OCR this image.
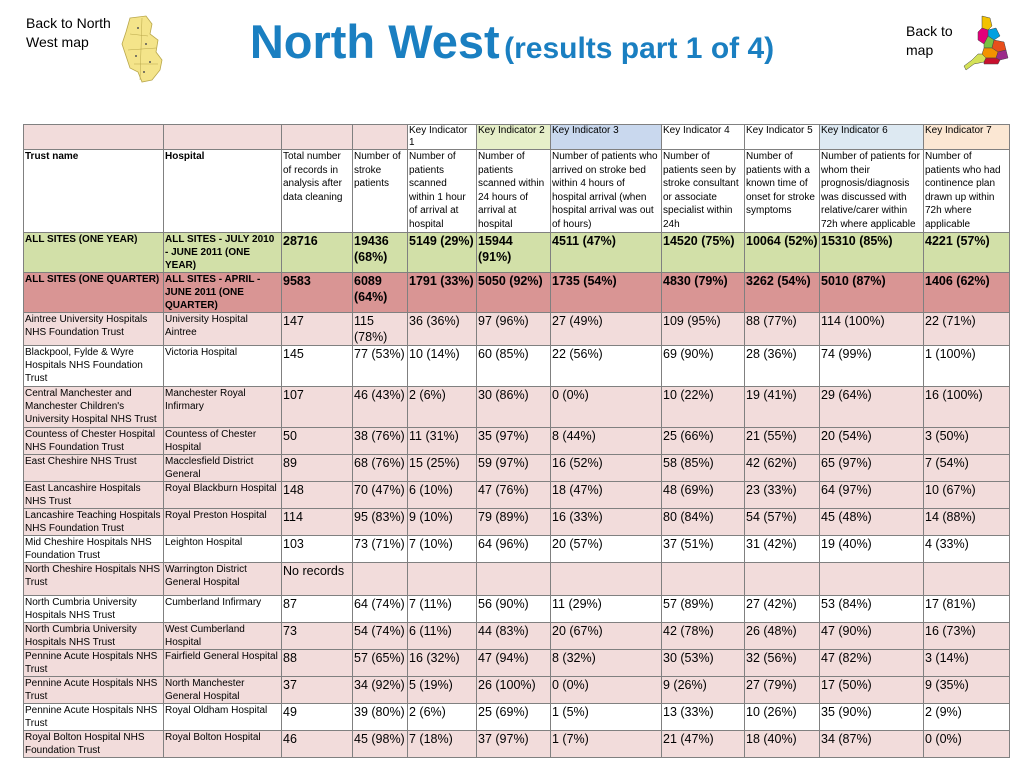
Back to North West map	North West (results part 1 of 4)
Back to map
				Key Indicator 1	Key Indicator 2	Key Indicator 3	Key Indicator 4	Key Indicator 5	Key Indicator 6	Key Indicator 7
Trust name	Hospital	Total number of records in analysis after data cleaning	Number of stroke patients	Number of patients scanned within 1 hour of arrival at hospital	Number of patients scanned within 24 hours of arrival at hospital	Number of patients who arrived on stroke bed within 4 hours of hospital arrival (when hospital arrival was out of hours)	Number of patients seen by stroke consultant or associate specialist within 24h	Number of patients with a known time of onset for stroke symptoms	Number of patients for whom their prognosis/diagnosis was discussed with relative/carer within 72h where applicable	Number of patients who had continence plan drawn up within 72h where applicable
ALL SITES (ONE YEAR)	ALL SITES - JULY 2010 - JUNE 2011 (ONE YEAR)	28716	19436 (68%)	5149 (29%)	15944 (91%)	4511 (47%)	14520 (75%)	10064 (52%)	15310 (85%)	4221 (57%)
ALL SITES (ONE QUARTER)	ALL SITES - APRIL - JUNE 2011 (ONE QUARTER)	9583	6089 (64%)	1791 (33%)	5050 (92%)	1735 (54%)	4830 (79%)	3262 (54%)	5010 (87%)	1406 (62%)
Aintree University Hospitals NHS Foundation Trust	University Hospital Aintree	147	115 (78%)	36 (36%)	97 (96%)	27 (49%)	109 (95%)	88 (77%)	114 (100%)	22 (71%)
Blackpool, Fylde & Wyre Hospitals NHS Foundation Trust	Victoria Hospital	145	77 (53%)	10 (14%)	60 (85%)	22 (56%)	69 (90%)	28 (36%)	74 (99%)	1 (100%)
Central Manchester and Manchester Children's University Hospital NHS Trust	Manchester Royal Infirmary	107	46 (43%)	2 (6%)	30 (86%)	0 (0%)	10 (22%)	19 (41%)	29 (64%)	16 (100%)
Countess of Chester Hospital NHS Foundation Trust	Countess of Chester Hospital	50	38 (76%)	11 (31%)	35 (97%)	8 (44%)	25 (66%)	21 (55%)	20 (54%)	3 (50%)
East Cheshire NHS Trust	Macclesfield District General	89	68 (76%)	15 (25%)	59 (97%)	16 (52%)	58 (85%)	42 (62%)	65 (97%)	7 (54%)
East Lancashire Hospitals NHS Trust	Royal Blackburn Hospital	148	70 (47%)	6 (10%)	47 (76%)	18 (47%)	48 (69%)	23 (33%)	64 (97%)	10 (67%)
Lancashire Teaching Hospitals NHS Foundation Trust	Royal Preston Hospital	114	95 (83%)	9 (10%)	79 (89%)	16 (33%)	80 (84%)	54 (57%)	45 (48%)	14 (88%)
Mid Cheshire Hospitals NHS Foundation Trust	Leighton Hospital	103	73 (71%)	7 (10%)	64 (96%)	20 (57%)	37 (51%)	31 (42%)	19 (40%)	4 (33%)
North Cheshire Hospitals NHS Trust	Warrington District General Hospital	No records								
North Cumbria University Hospitals NHS Trust	Cumberland Infirmary	87	64 (74%)	7 (11%)	56 (90%)	11 (29%)	57 (89%)	27 (42%)	53 (84%)	17 (81%)
North Cumbria University Hospitals NHS Trust	West Cumberland Hospital	73	54 (74%)	6 (11%)	44 (83%)	20 (67%)	42 (78%)	26 (48%)	47 (90%)	16 (73%)
Pennine Acute Hospitals NHS Trust	Fairfield General Hospital	88	57 (65%)	16 (32%)	47 (94%)	8 (32%)	30 (53%)	32 (56%)	47 (82%)	3 (14%)
Pennine Acute Hospitals NHS Trust	North Manchester General Hospital	37	34 (92%)	5 (19%)	26 (100%)	0 (0%)	9 (26%)	27 (79%)	17 (50%)	9 (35%)
Pennine Acute Hospitals NHS Trust	Royal Oldham Hospital	49	39 (80%)	2 (6%)	25 (69%)	1 (5%)	13 (33%)	10 (26%)	35 (90%)	2 (9%)
Royal Bolton Hospital NHS Foundation Trust	Royal Bolton Hospital	46	45 (98%)	7 (18%)	37 (97%)	1 (7%)	21 (47%)	18 (40%)	34 (87%)	0 (0%)
